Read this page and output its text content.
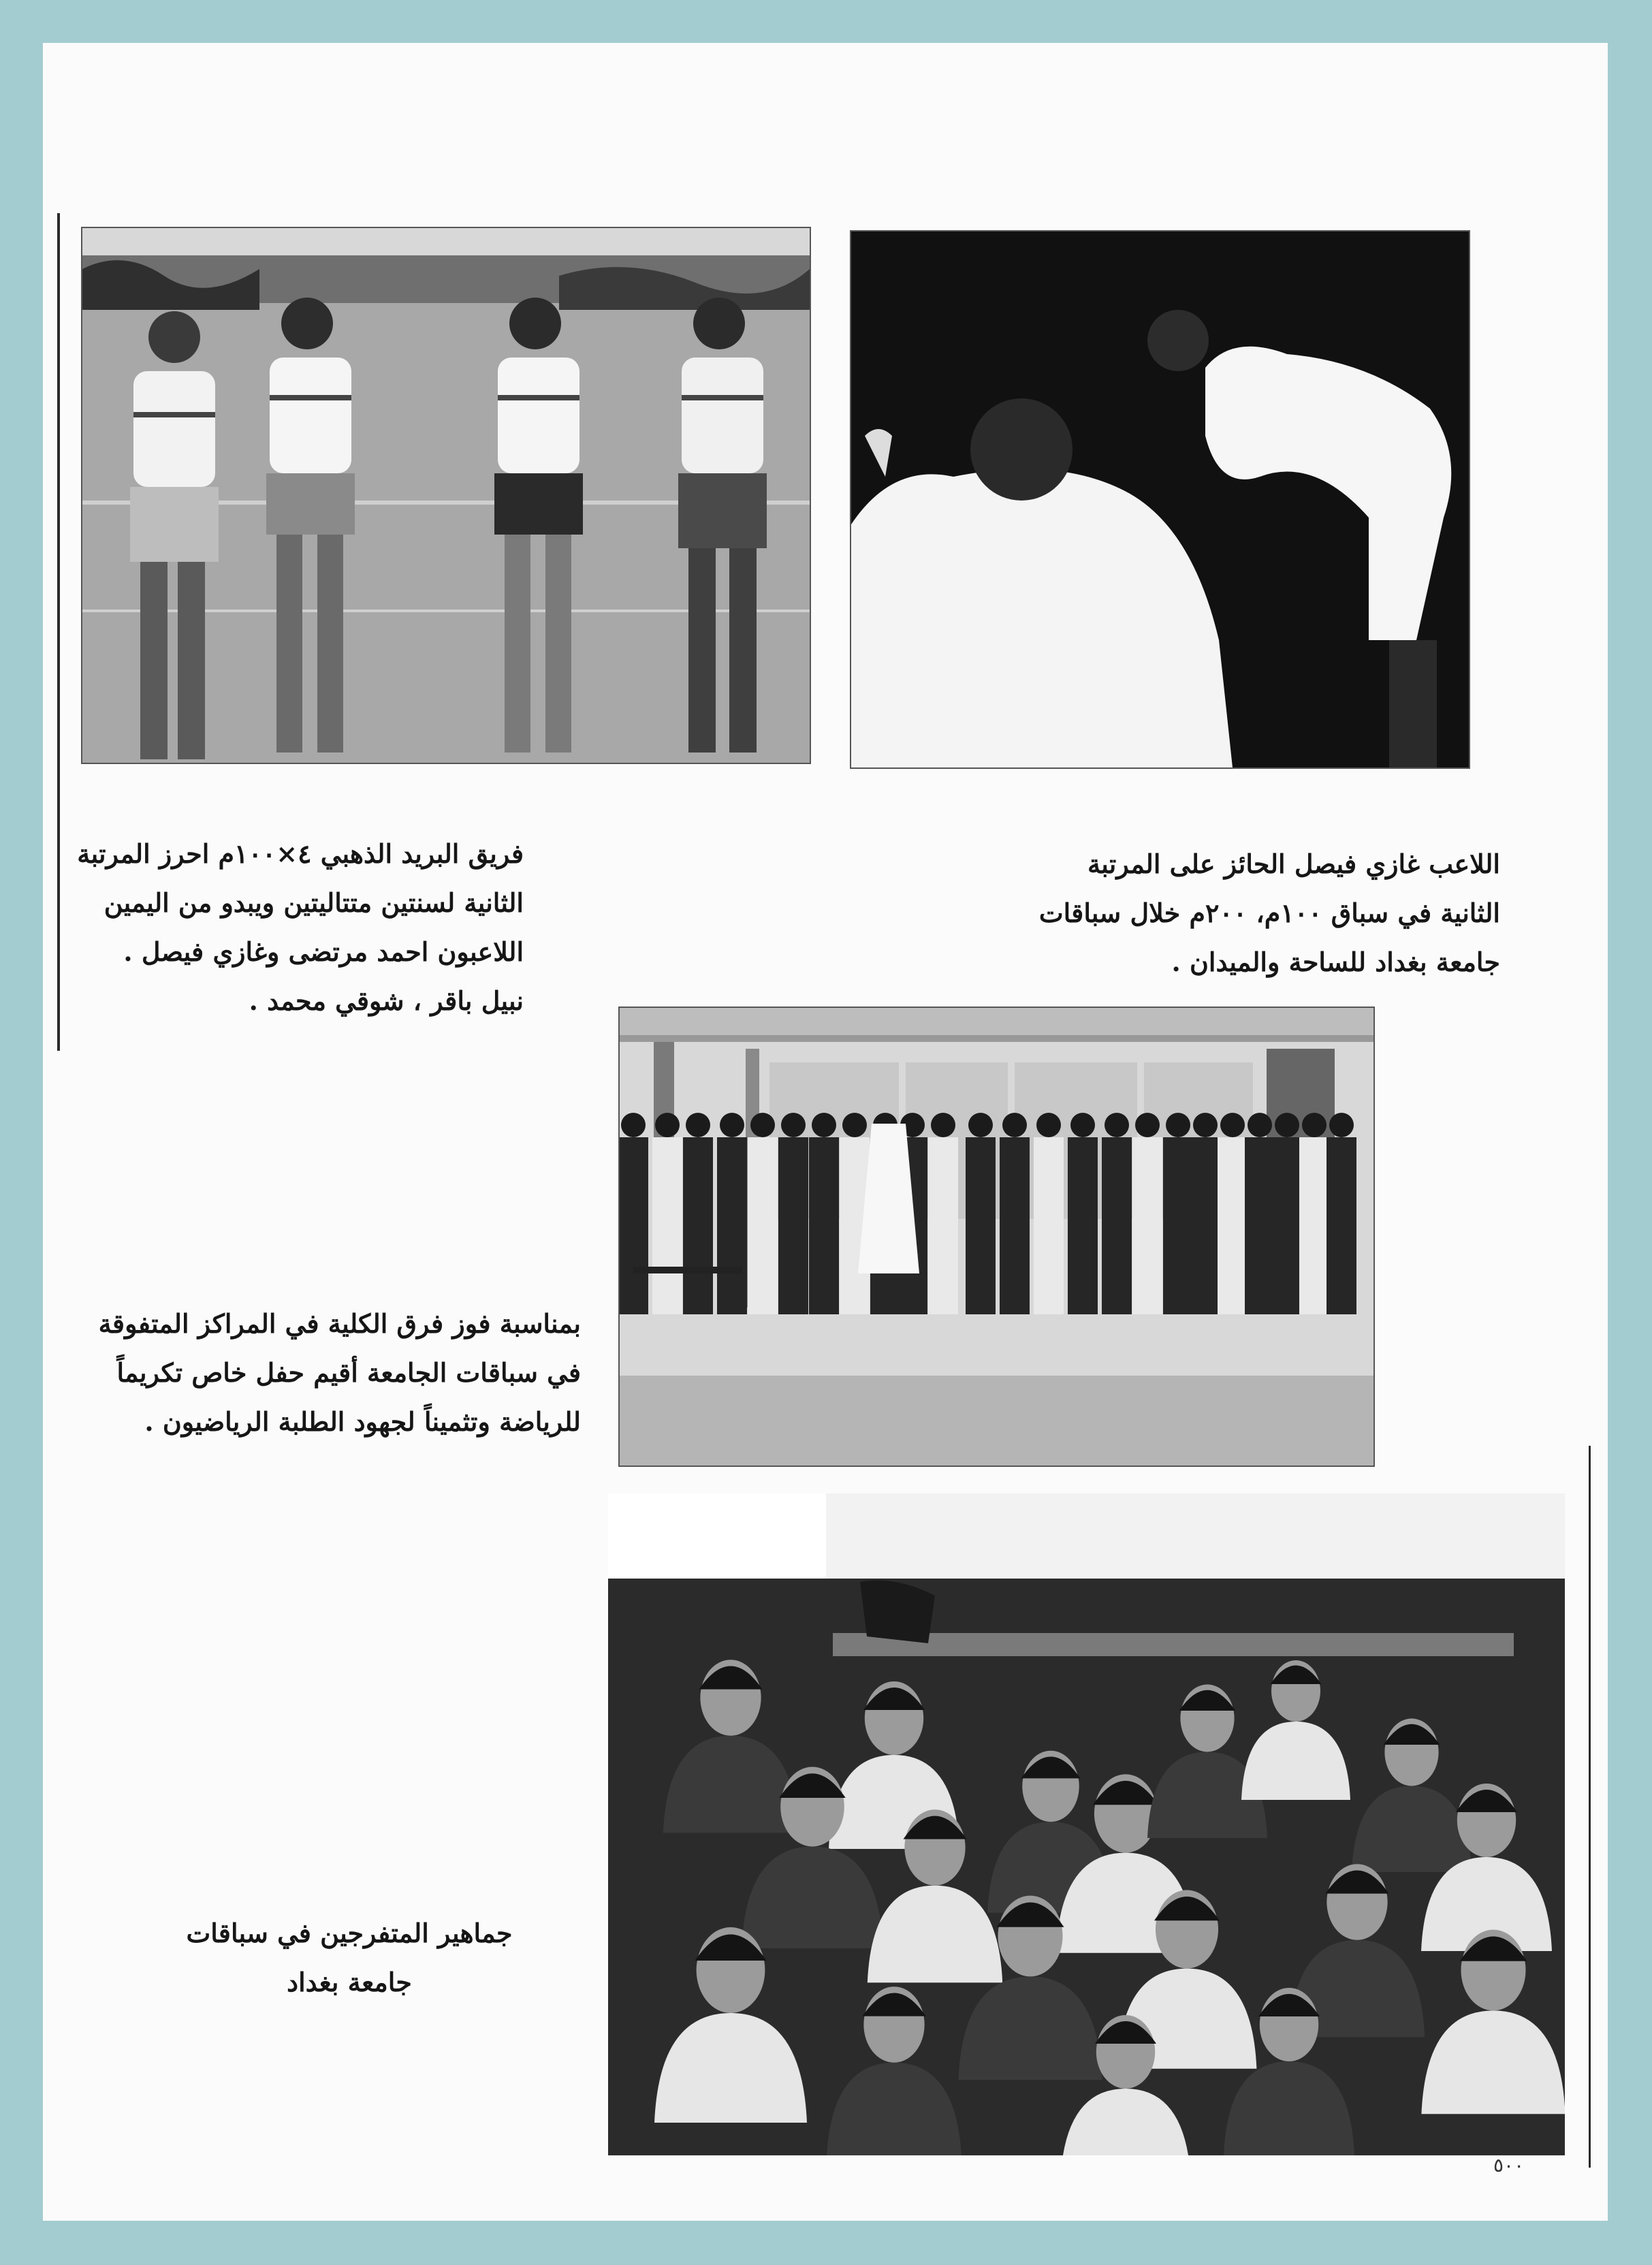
فريق البريد الذهبي ٤×١٠٠م احرز المرتبة

الثانية لسنتين متتاليتين ويبدو من اليمين

اللاعبون احمد مرتضى وغازي فيصل .

نبيل باقر ، شوقي محمد .

اللاعب غازي فيصل الحائز على المرتبة

الثانية في سباق ١٠٠م، ٢٠٠م خلال سباقات

جامعة بغداد للساحة والميدان .

بمناسبة فوز فرق الكلية في المراكز المتفوقة

في سباقات الجامعة أقيم حفل خاص تكريماً

للرياضة وتثميناً لجهود الطلبة الرياضيون .

جماهير المتفرجين في سباقات

جامعة بغداد

٥٠٠
